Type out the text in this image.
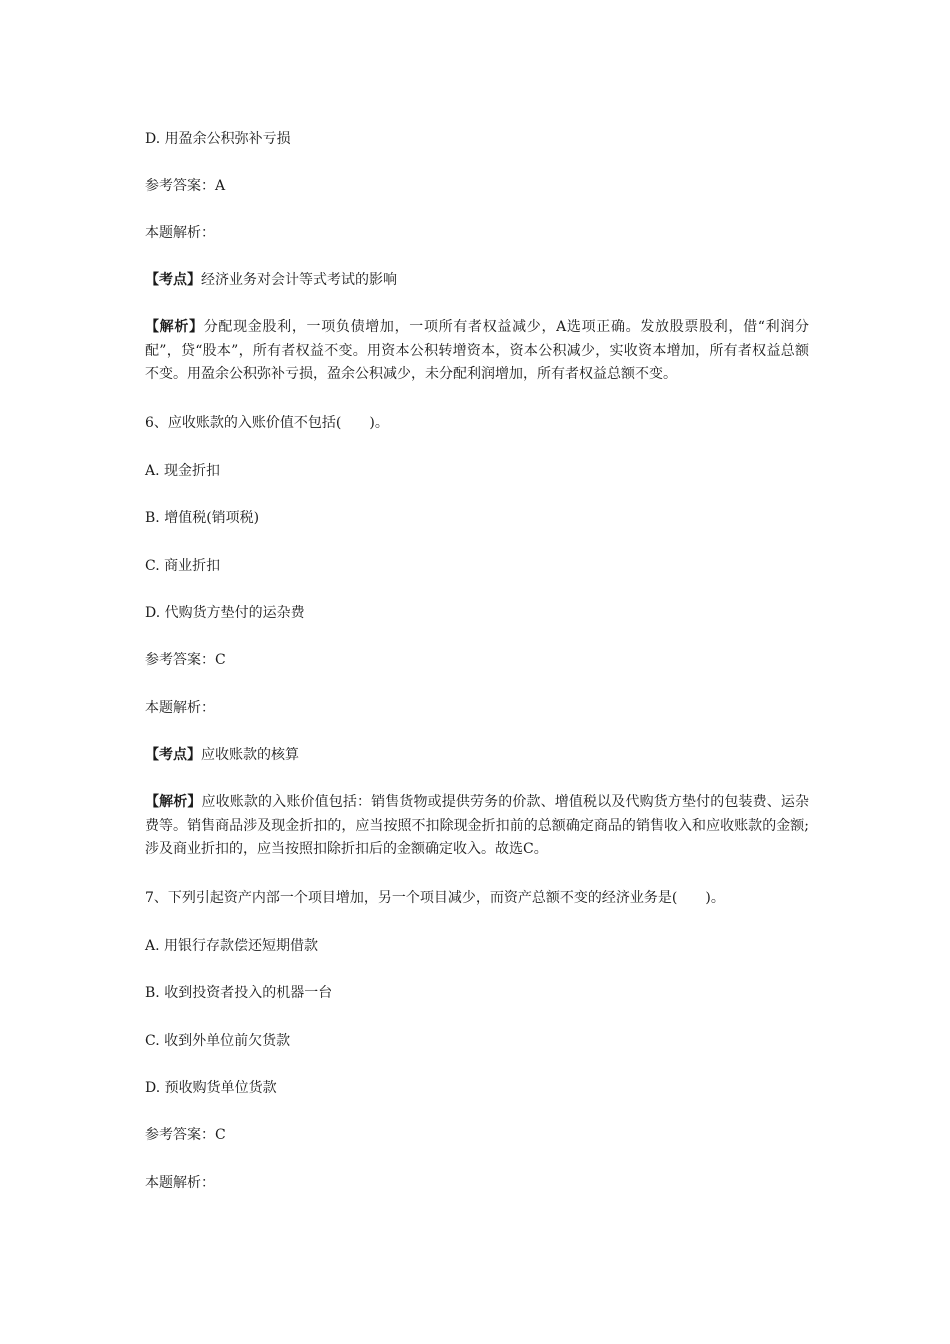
D. 用盈余公积弥补亏损
参考答案：A
本题解析：
【考点】经济业务对会计等式考试的影响
【解析】分配现金股利，一项负债增加，一项所有者权益减少，A选项正确。发放股票股利，借“利润分配”，贷“股本”，所有者权益不变。用资本公积转增资本，资本公积减少，实收资本增加，所有者权益总额不变。用盈余公积弥补亏损，盈余公积减少，未分配利润增加，所有者权益总额不变。
6、应收账款的入账价值不包括(　　)。
A. 现金折扣
B. 增值税(销项税)
C. 商业折扣
D. 代购货方垫付的运杂费
参考答案：C
本题解析：
【考点】应收账款的核算
【解析】应收账款的入账价值包括：销售货物或提供劳务的价款、增值税以及代购货方垫付的包装费、运杂费等。销售商品涉及现金折扣的，应当按照不扣除现金折扣前的总额确定商品的销售收入和应收账款的金额;涉及商业折扣的，应当按照扣除折扣后的金额确定收入。故选C。
7、下列引起资产内部一个项目增加，另一个项目减少，而资产总额不变的经济业务是(　　)。
A. 用银行存款偿还短期借款
B. 收到投资者投入的机器一台
C. 收到外单位前欠货款
D. 预收购货单位货款
参考答案：C
本题解析：
